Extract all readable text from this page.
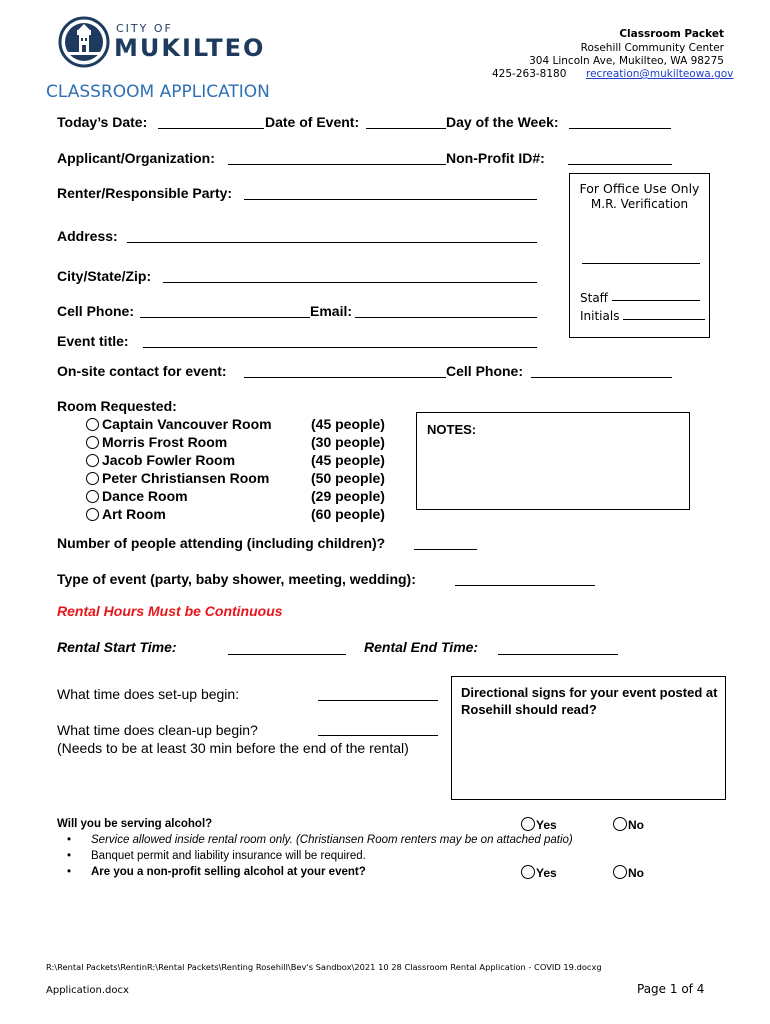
CITY OF
MUKILTEO	Classroom Packet
Rosehill Community Center
304 Lincoln Ave, Mukilteo, WA 98275
425-263-8180 recreation@mukilteowa.gov
CLASSROOM APPLICATION
Today’s Date:	Date of Event:	Day of the Week:
Applicant/Organization:	Non-Profit ID#:
For Office Use Only
M.R. Verification
Staff
Initials
Renter/Responsible Party:
Address:
City/State/Zip:
Cell Phone:	Email:
Event title:
On-site contact for event:	Cell Phone:
Room Requested:
Captain Vancouver Room	(45 people)
Morris Frost Room	(30 people)
Jacob Fowler Room	(45 people)
Peter Christiansen Room	(50 people)
Dance Room	(29 people)
Art Room	(60 people)
NOTES:
Number of people attending (including children)?
Type of event (party, baby shower, meeting, wedding):
Rental Hours Must be Continuous
Rental Start Time:	Rental End Time:
What time does set-up begin:
What time does clean-up begin?
(Needs to be at least 30 min before the end of the rental)
Directional signs for your event posted at Rosehill should read?
Will you be serving alcohol?	Yes	No
• Service allowed inside rental room only. (Christiansen Room renters may be on attached patio)
• Banquet permit and liability insurance will be required.
• Are you a non-profit selling alcohol at your event?	Yes	No
R:\Rental Packets\RentinR:\Rental Packets\Renting Rosehill\Bev's Sandbox\2021 10 28 Classroom Rental Application - COVID 19.docxg
Application.docx	Page 1 of 4
